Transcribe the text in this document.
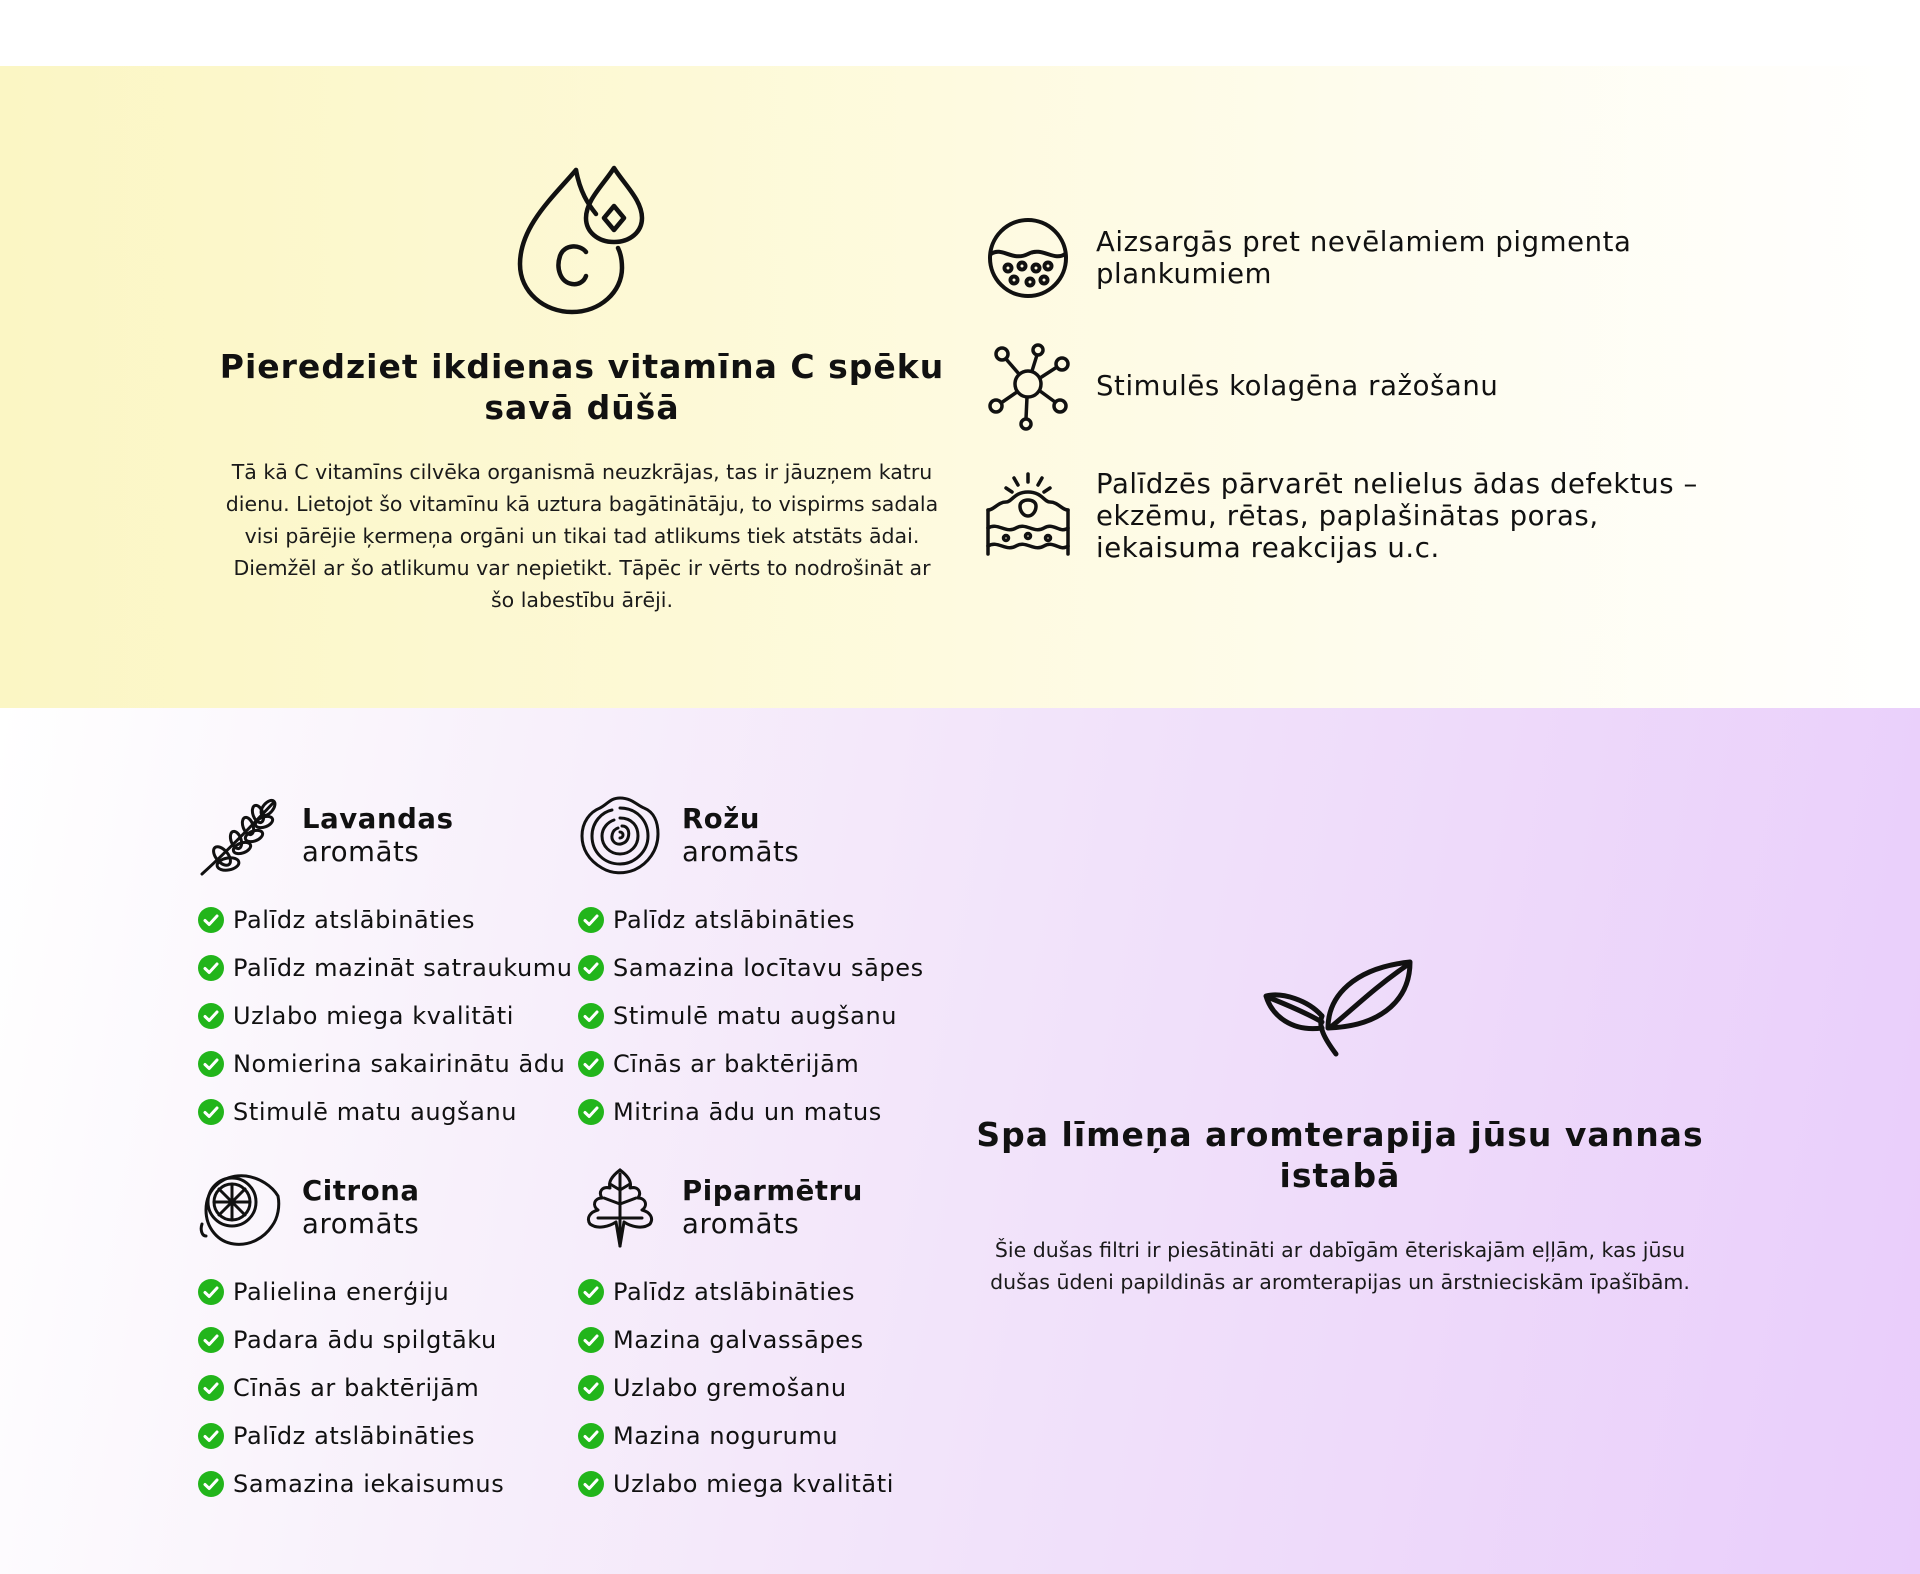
Pieredziet ikdienas vitamīna C spēku savā dūšā

Tā kā C vitamīns cilvēka organismā neuzkrājas, tas ir jāuzņem katru dienu. Lietojot šo vitamīnu kā uztura bagātinātāju, to vispirms sadala visi pārējie ķermeņa orgāni un tikai tad atlikums tiek atstāts ādai. Diemžēl ar šo atlikumu var nepietikt. Tāpēc ir vērts to nodrošināt ar šo labestību ārēji.

Aizsargās pret nevēlamiem pigmenta plankumiem
Stimulēs kolagēna ražošanu
Palīdzēs pārvarēt nelielus ādas defektus – ekzēmu, rētas, paplašinātas poras, iekaisuma reakcijas u.c.
Lavandas
aromāts
Palīdz atslābināties
Palīdz mazināt satraukumu
Uzlabo miega kvalitāti
Nomierina sakairinātu ādu
Stimulē matu augšanu
Rožu
aromāts
Palīdz atslābināties
Samazina locītavu sāpes
Stimulē matu augšanu
Cīnās ar baktērijām
Mitrina ādu un matus
Citrona
aromāts
Palielina enerģiju
Padara ādu spilgtāku
Cīnās ar baktērijām
Palīdz atslābināties
Samazina iekaisumus
Piparmētru
aromāts
Palīdz atslābināties
Mazina galvassāpes
Uzlabo gremošanu
Mazina nogurumu
Uzlabo miega kvalitāti
Spa līmeņa aromterapija jūsu vannas istabā

Šie dušas filtri ir piesātināti ar dabīgām ēteriskajām eļļām, kas jūsu dušas ūdeni papildinās ar aromterapijas un ārstnieciskām īpašībām.
